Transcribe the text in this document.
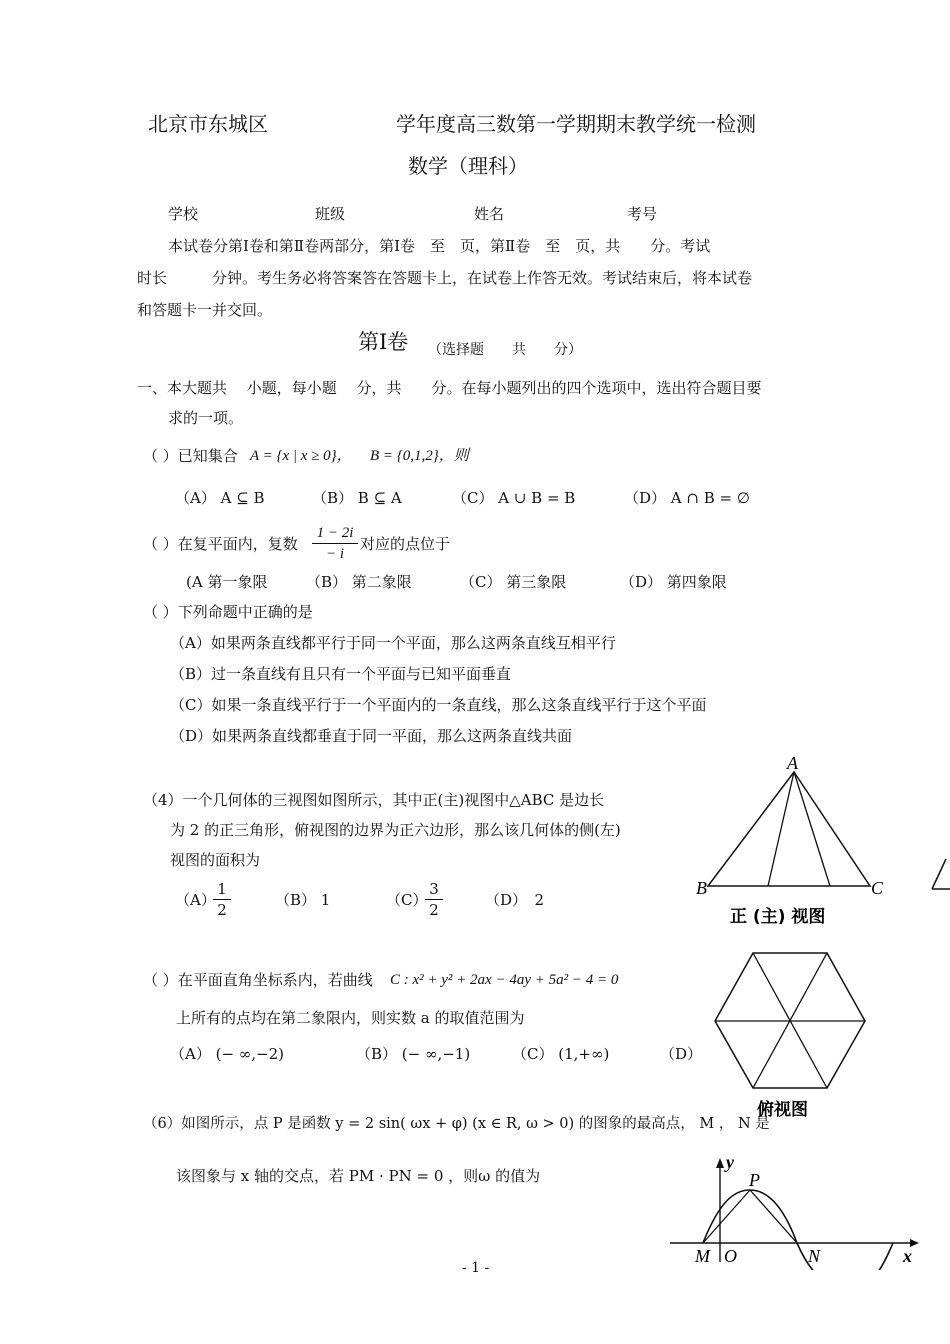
北京市东城区	学年度高三数第一学期期末教学统一检测
数学（理科）
学校	班级	姓名	考号
本试卷分第Ⅰ卷和第Ⅱ卷两部分，第Ⅰ卷　至　页，第Ⅱ卷　至　页，共　　分。考试
时长　　　分钟。考生务必将答案答在答题卡上，在试卷上作答无效。考试结束后，将本试卷
和答题卡一并交回。
第Ⅰ卷 （选择题　　共　　分）
一、本大题共　 小题，每小题　 分，共　　分。在每小题列出的四个选项中，选出符合题目要
求的一项。
（ ）已知集合 A = {x | x ≥ 0}， B = {0,1,2}，则
（A） A ⊆ B	（B） B ⊆ A	（C） A ∪ B = B	（D） A ∩ B = ∅
（ ）在复平面内，复数
1 − 2i
− i
对应的点位于
(A 第一象限	（B） 第二象限	（C） 第三象限	（D） 第四象限
（ ）下列命题中正确的是
（A）如果两条直线都平行于同一个平面，那么这两条直线互相平行
（B）过一条直线有且只有一个平面与已知平面垂直
（C）如果一条直线平行于一个平面内的一条直线，那么这条直线平行于这个平面
（D）如果两条直线都垂直于同一平面，那么这两条直线共面
（4）一个几何体的三视图如图所示，其中正(主)视图中△ABC 是边长
为 2 的正三角形，俯视图的边界为正六边形，那么该几何体的侧(左)
视图的面积为
（A）
1
2
（B） 1	（C）
3
2
（D）　2
（ ）在平面直角坐标系内，若曲线 C : x² + y² + 2ax − 4ay + 5a² − 4 = 0
上所有的点均在第二象限内，则实数 a 的取值范围为
（A） (− ∞,−2)	（B） (− ∞,−1)	（C） (1,+∞)	（D）
（6）如图所示，点 P 是函数 y = 2 sin( ωx + φ) (x ∈ R, ω > 0) 的图象的最高点， M ， N 是
该图象与 x 轴的交点，若 PM · PN = 0 ，则ω 的值为
A
B	C
正 (主) 视图
俯视图
y
x
P
M O	N
- 1 -
